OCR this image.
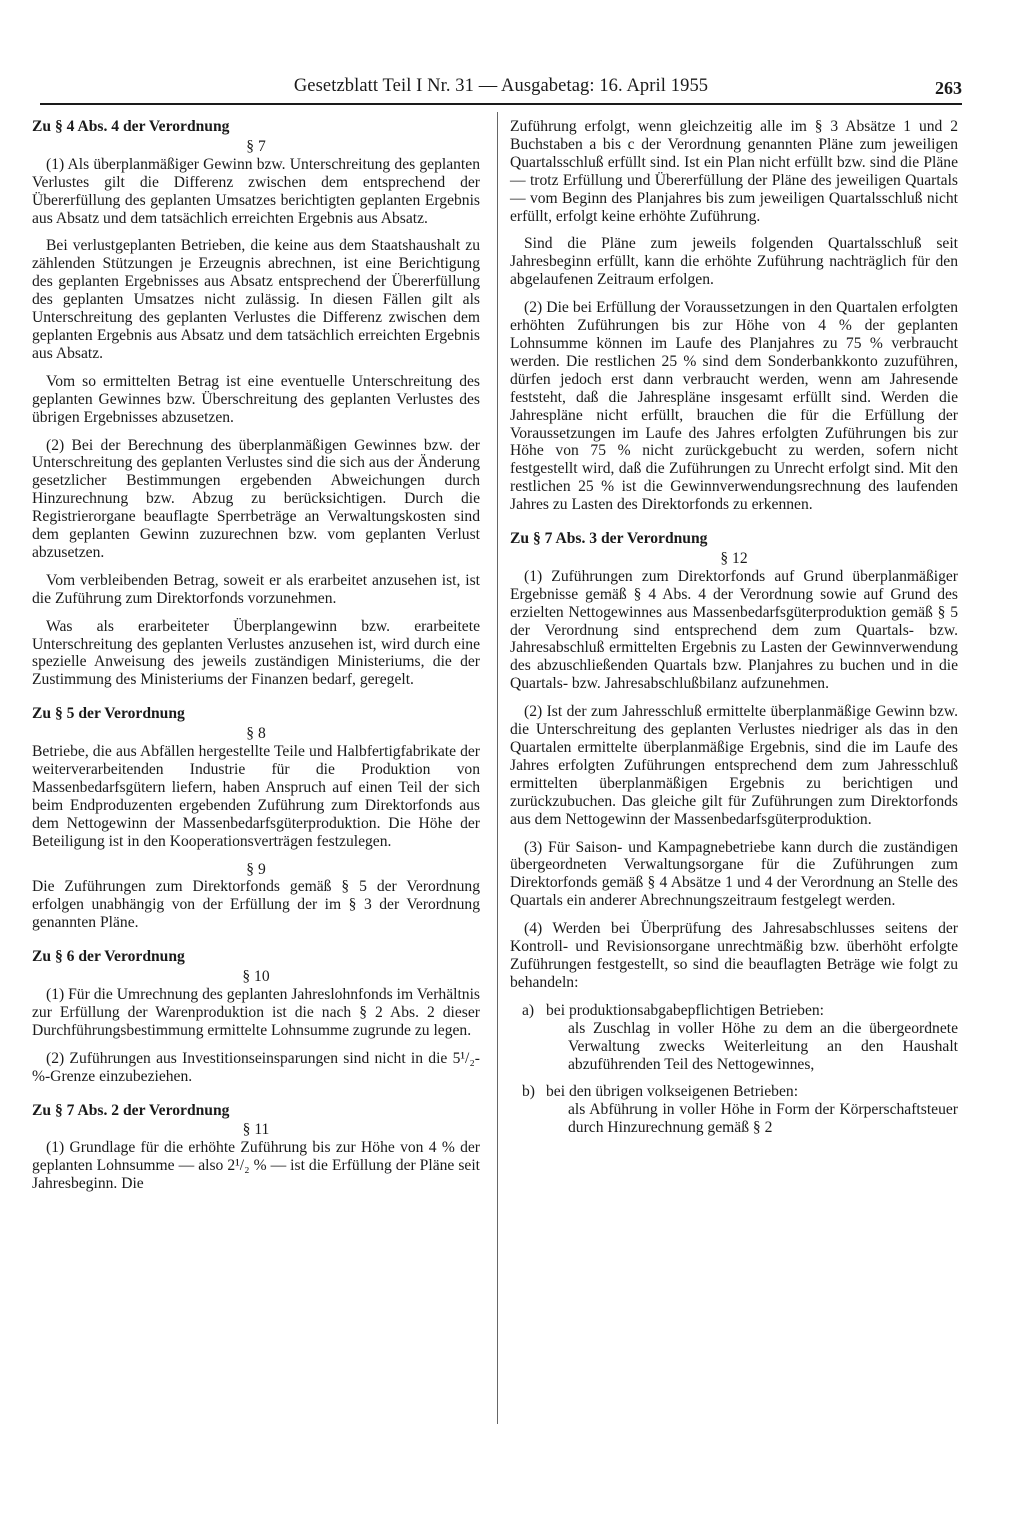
Gesetzblatt Teil I Nr. 31 — Ausgabetag: 16. April 1955	263
Zu § 4 Abs. 4 der Verordnung
§ 7

(1) Als überplanmäßiger Gewinn bzw. Unterschreitung des geplanten Verlustes gilt die Differenz zwischen dem entsprechend der Übererfüllung des geplanten Umsatzes berichtigten geplanten Ergebnis aus Absatz und dem tatsächlich erreichten Ergebnis aus Absatz.

Bei verlustgeplanten Betrieben, die keine aus dem Staatshaushalt zu zählenden Stützungen je Erzeugnis abrechnen, ist eine Berichtigung des geplanten Ergebnisses aus Absatz entsprechend der Übererfüllung des geplanten Umsatzes nicht zulässig. In diesen Fällen gilt als Unterschreitung des geplanten Verlustes die Differenz zwischen dem geplanten Ergebnis aus Absatz und dem tatsächlich erreichten Ergebnis aus Absatz.

Vom so ermittelten Betrag ist eine eventuelle Unterschreitung des geplanten Gewinnes bzw. Überschreitung des geplanten Verlustes des übrigen Ergebnisses abzusetzen.

(2) Bei der Berechnung des überplanmäßigen Gewinnes bzw. der Unterschreitung des geplanten Verlustes sind die sich aus der Änderung gesetzlicher Bestimmungen ergebenden Abweichungen durch Hinzurechnung bzw. Abzug zu berücksichtigen. Durch die Registrierorgane beauflagte Sperrbeträge an Verwaltungskosten sind dem geplanten Gewinn zuzurechnen bzw. vom geplanten Verlust abzusetzen.

Vom verbleibenden Betrag, soweit er als erarbeitet anzusehen ist, ist die Zuführung zum Direktorfonds vorzunehmen.

Was als erarbeiteter Überplangewinn bzw. erarbeitete Unterschreitung des geplanten Verlustes anzusehen ist, wird durch eine spezielle Anweisung des jeweils zuständigen Ministeriums, die der Zustimmung des Ministeriums der Finanzen bedarf, geregelt.

Zu § 5 der Verordnung
§ 8

Betriebe, die aus Abfällen hergestellte Teile und Halbfertigfabrikate der weiterverarbeitenden Industrie für die Produktion von Massenbedarfsgütern liefern, haben Anspruch auf einen Teil der sich beim Endproduzenten ergebenden Zuführung zum Direktorfonds aus dem Nettogewinn der Massenbedarfsgüterproduktion. Die Höhe der Beteiligung ist in den Kooperationsverträgen festzulegen.

§ 9

Die Zuführungen zum Direktorfonds gemäß § 5 der Verordnung erfolgen unabhängig von der Erfüllung der im § 3 der Verordnung genannten Pläne.

Zu § 6 der Verordnung
§ 10

(1) Für die Umrechnung des geplanten Jahreslohnfonds im Verhältnis zur Erfüllung der Warenproduktion ist die nach § 2 Abs. 2 dieser Durchführungsbestimmung ermittelte Lohnsumme zugrunde zu legen.

(2) Zuführungen aus Investitionseinsparungen sind nicht in die 5¹/₂-%-Grenze einzubeziehen.

Zu § 7 Abs. 2 der Verordnung
§ 11

(1) Grundlage für die erhöhte Zuführung bis zur Höhe von 4 % der geplanten Lohnsumme — also 2¹/₂ % — ist die Erfüllung der Pläne seit Jahresbeginn. Die

Zuführung erfolgt, wenn gleichzeitig alle im § 3 Absätze 1 und 2 Buchstaben a bis c der Verordnung genannten Pläne zum jeweiligen Quartalsschluß erfüllt sind. Ist ein Plan nicht erfüllt bzw. sind die Pläne — trotz Erfüllung und Übererfüllung der Pläne des jeweiligen Quartals — vom Beginn des Planjahres bis zum jeweiligen Quartalsschluß nicht erfüllt, erfolgt keine erhöhte Zuführung.

Sind die Pläne zum jeweils folgenden Quartalsschluß seit Jahresbeginn erfüllt, kann die erhöhte Zuführung nachträglich für den abgelaufenen Zeitraum erfolgen.

(2) Die bei Erfüllung der Voraussetzungen in den Quartalen erfolgten erhöhten Zuführungen bis zur Höhe von 4 % der geplanten Lohnsumme können im Laufe des Planjahres zu 75 % verbraucht werden. Die restlichen 25 % sind dem Sonderbankkonto zuzuführen, dürfen jedoch erst dann verbraucht werden, wenn am Jahresende feststeht, daß die Jahrespläne insgesamt erfüllt sind. Werden die Jahrespläne nicht erfüllt, brauchen die für die Erfüllung der Voraussetzungen im Laufe des Jahres erfolgten Zuführungen bis zur Höhe von 75 % nicht zurückgebucht zu werden, sofern nicht festgestellt wird, daß die Zuführungen zu Unrecht erfolgt sind. Mit den restlichen 25 % ist die Gewinnverwendungsrechnung des laufenden Jahres zu Lasten des Direktorfonds zu erkennen.

Zu § 7 Abs. 3 der Verordnung
§ 12

(1) Zuführungen zum Direktorfonds auf Grund überplanmäßiger Ergebnisse gemäß § 4 Abs. 4 der Verordnung sowie auf Grund des erzielten Nettogewinnes aus Massenbedarfsgüterproduktion gemäß § 5 der Verordnung sind entsprechend dem zum Quartals- bzw. Jahresabschluß ermittelten Ergebnis zu Lasten der Gewinnverwendung des abzuschließenden Quartals bzw. Planjahres zu buchen und in die Quartals- bzw. Jahresabschlußbilanz aufzunehmen.

(2) Ist der zum Jahresschluß ermittelte überplanmäßige Gewinn bzw. die Unterschreitung des geplanten Verlustes niedriger als das in den Quartalen ermittelte überplanmäßige Ergebnis, sind die im Laufe des Jahres erfolgten Zuführungen entsprechend dem zum Jahresschluß ermittelten überplanmäßigen Ergebnis zu berichtigen und zurückzubuchen. Das gleiche gilt für Zuführungen zum Direktorfonds aus dem Nettogewinn der Massenbedarfsgüterproduktion.

(3) Für Saison- und Kampagnebetriebe kann durch die zuständigen übergeordneten Verwaltungsorgane für die Zuführungen zum Direktorfonds gemäß § 4 Absätze 1 und 4 der Verordnung an Stelle des Quartals ein anderer Abrechnungszeitraum festgelegt werden.

(4) Werden bei Überprüfung des Jahresabschlusses seitens der Kontroll- und Revisionsorgane unrechtmäßig bzw. überhöht erfolgte Zuführungen festgestellt, so sind die beauflagten Beträge wie folgt zu behandeln:

a) bei produktionsabgabepflichtigen Betrieben:
als Zuschlag in voller Höhe zu dem an die übergeordnete Verwaltung zwecks Weiterleitung an den Haushalt abzuführenden Teil des Nettogewinnes,
b) bei den übrigen volkseigenen Betrieben:
als Abführung in voller Höhe in Form der Körperschaftsteuer durch Hinzurechnung gemäß § 2
